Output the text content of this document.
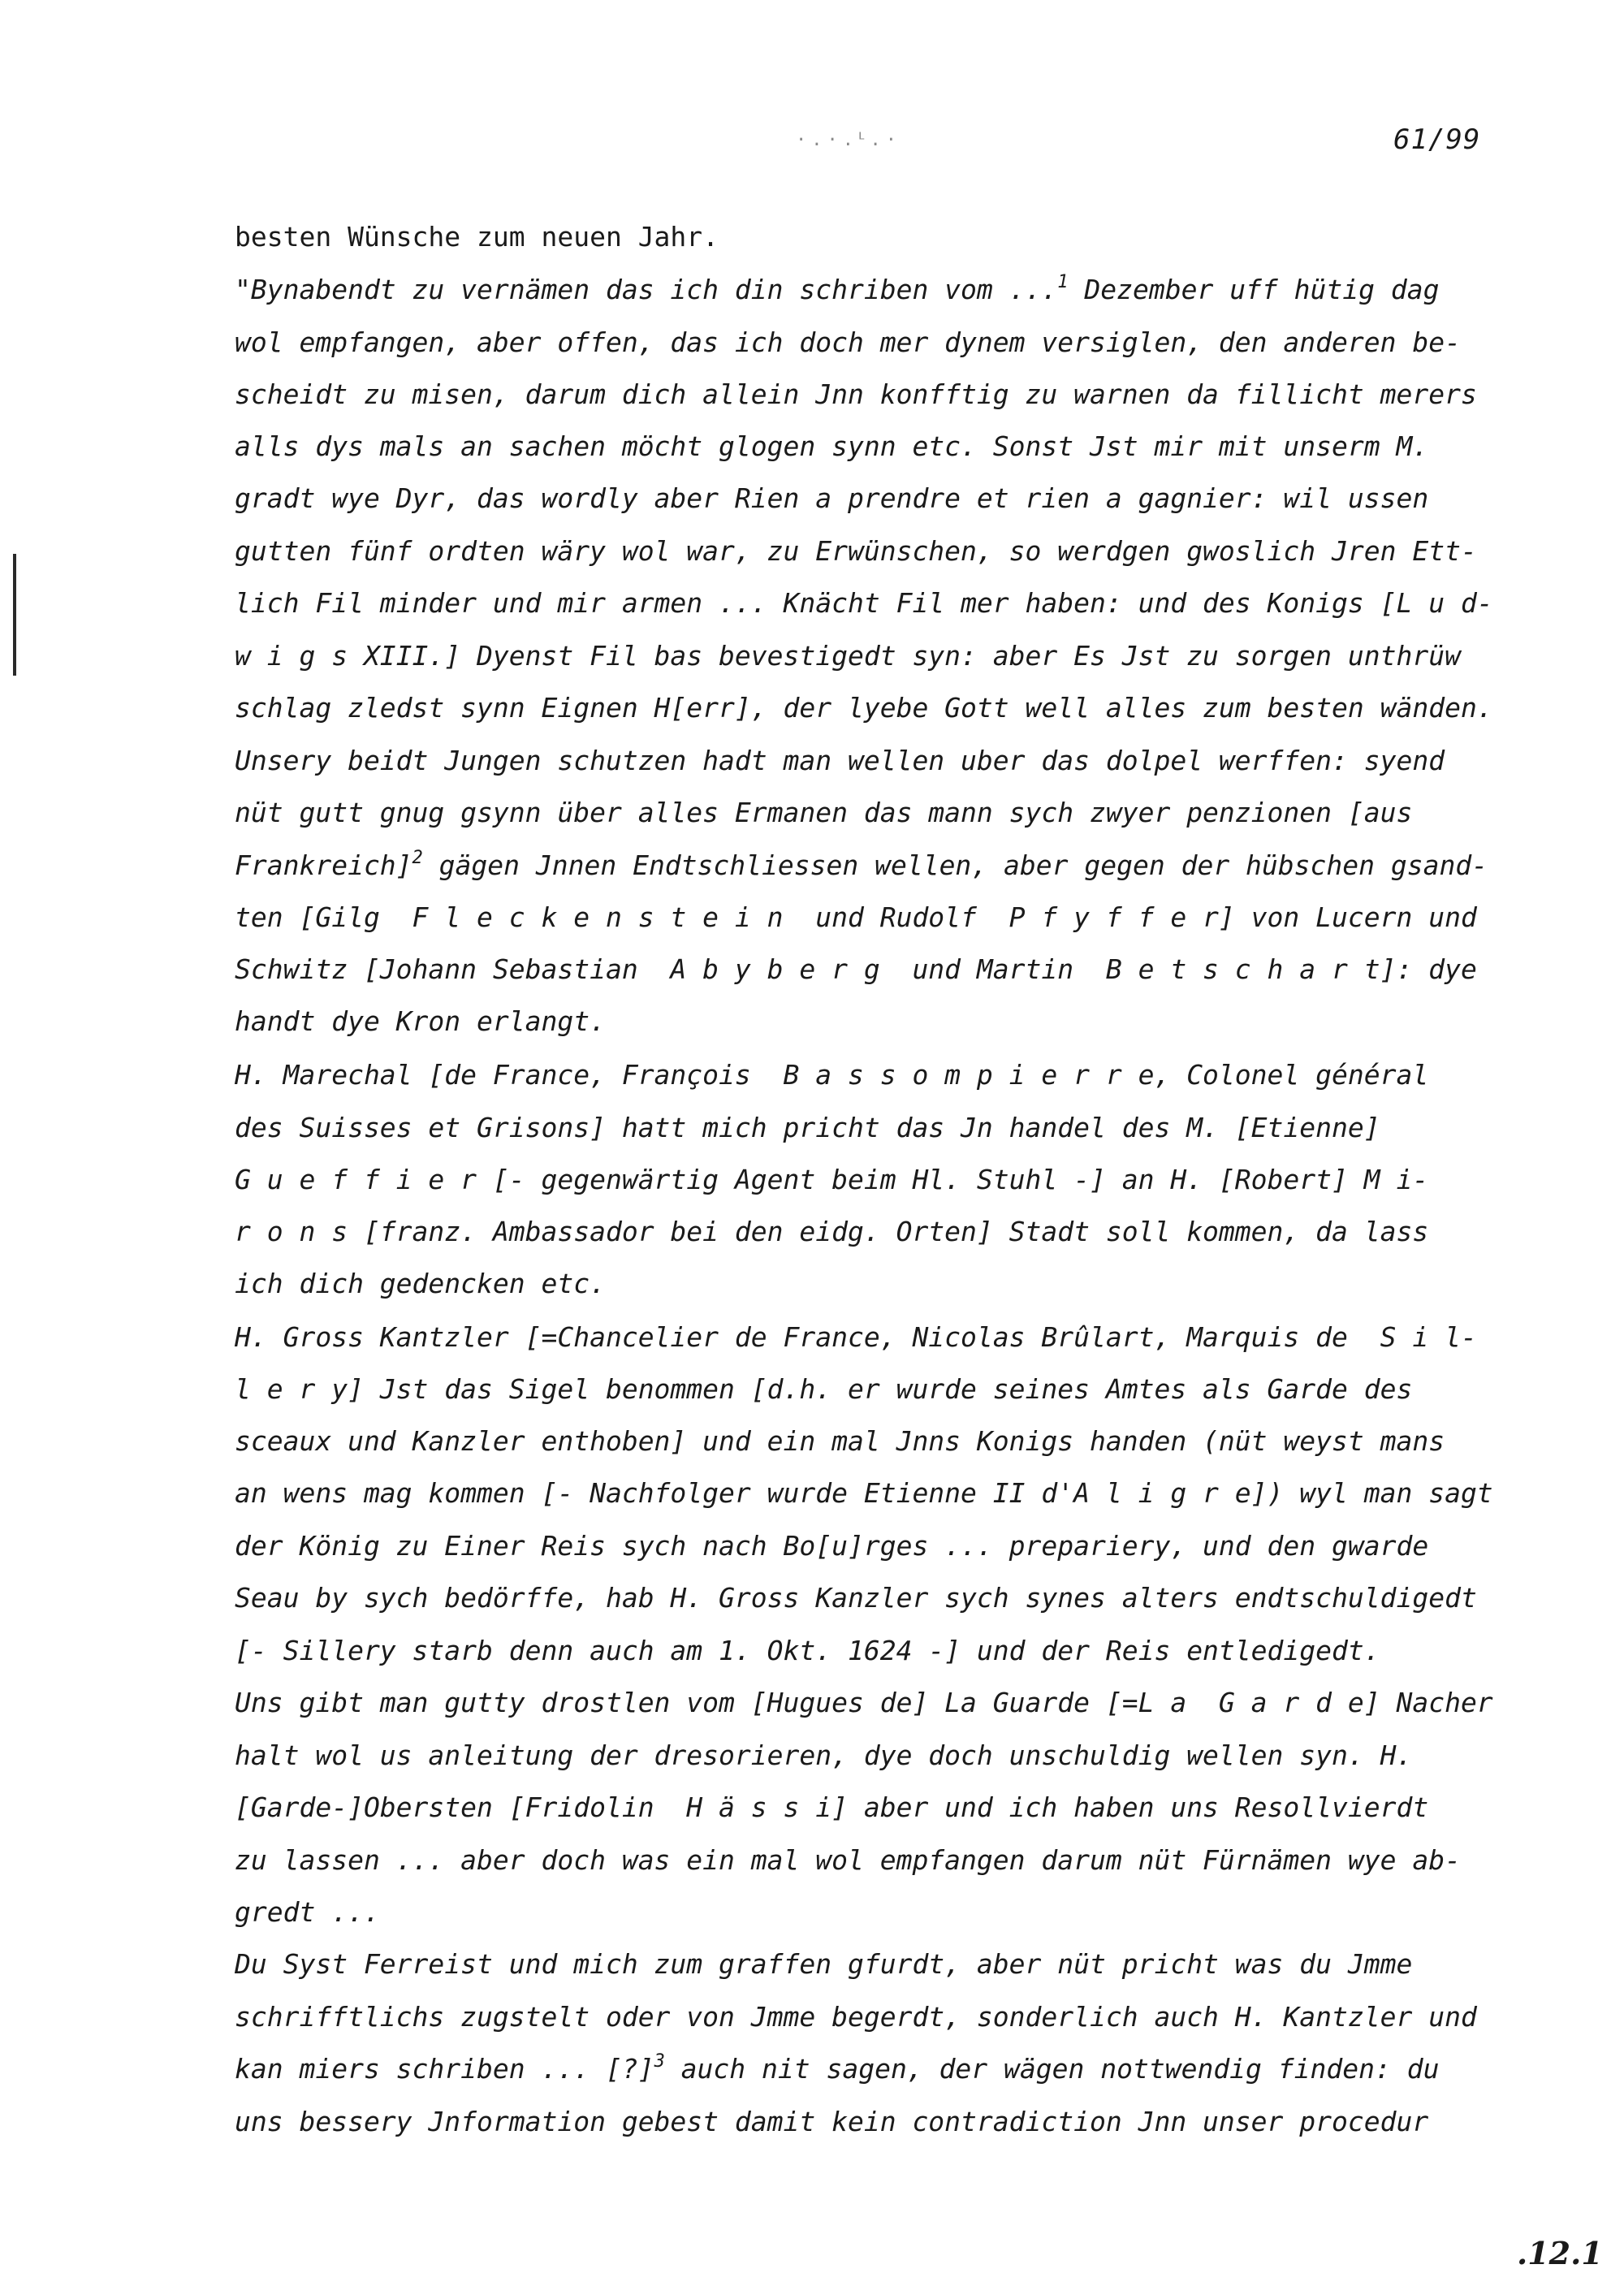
·.·.ᒻ.·	61/99
besten Wünsche zum neuen Jahr.
"Bynabendt zu vernämen das ich din schriben vom ...$^1$ Dezember uff hütig dag
wol empfangen, aber offen, das ich doch mer dynem versiglen, den anderen be-
scheidt zu misen, darum dich allein Jnn konfftig zu warnen da fillicht merers
alls dys mals an sachen möcht glogen synn etc. Sonst Jst mir mit unserm M.
gradt wye Dyr, das wordly aber Rien a prendre et rien a gagnier: wil ussen
gutten fünf ordten wäry wol war, zu Erwünschen, so werdgen gwoslich Jren Ett-
lich Fil minder und mir armen ... Knächt Fil mer haben: und des Konigs [L u d-
w i g s XIII.] Dyenst Fil bas bevestigedt syn: aber Es Jst zu sorgen unthrüw
schlag zledst synn Eignen H[err], der lyebe Gott well alles zum besten wänden.
Unsery beidt Jungen schutzen hadt man wellen uber das dolpel werffen: syend
nüt gutt gnug gsynn über alles Ermanen das mann sych zwyer penzionen [aus
Frankreich]$^2$ gägen Jnnen Endtschliessen wellen, aber gegen der hübschen gsand-
ten [Gilg  F l e c k e n s t e i n  und Rudolf  P f y f f e r] von Lucern und
Schwitz [Johann Sebastian  A b y b e r g  und Martin  B e t s c h a r t]: dye
handt dye Kron erlangt.
H. Marechal [de France, François  B a s s o m p i e r r e, Colonel général
des Suisses et Grisons] hatt mich pricht das Jn handel des M. [Etienne]
G u e f f i e r [- gegenwärtig Agent beim Hl. Stuhl -] an H. [Robert] M i-
r o n s [franz. Ambassador bei den eidg. Orten] Stadt soll kommen, da lass
ich dich gedencken etc.
H. Gross Kantzler [=Chancelier de France, Nicolas Brûlart, Marquis de  S i l-
l e r y] Jst das Sigel benommen [d.h. er wurde seines Amtes als Garde des
sceaux und Kanzler enthoben] und ein mal Jnns Konigs handen (nüt weyst mans
an wens mag kommen [- Nachfolger wurde Etienne II d'A l i g r e]) wyl man sagt
der König zu Einer Reis sych nach Bo[u]rges ... prepariery, und den gwarde
Seau by sych bedörffe, hab H. Gross Kanzler sych synes alters endtschuldigedt
[- Sillery starb denn auch am 1. Okt. 1624 -] und der Reis entledigedt.
Uns gibt man gutty drostlen vom [Hugues de] La Guarde [=L a  G a r d e] Nacher
halt wol us anleitung der dresorieren, dye doch unschuldig wellen syn. H.
[Garde-]Obersten [Fridolin  H ä s s i] aber und ich haben uns Resollvierdt
zu lassen ... aber doch was ein mal wol empfangen darum nüt Fürnämen wye ab-
gredt ...
Du Syst Ferreist und mich zum graffen gfurdt, aber nüt pricht was du Jmme
schrifftlichs zugstelt oder von Jmme begerdt, sonderlich auch H. Kantzler und
kan miers schriben ... [?]$^3$ auch nit sagen, der wägen nottwendig finden: du
uns bessery Jnformation gebest damit kein contradiction Jnn unser procedur
.12.1
